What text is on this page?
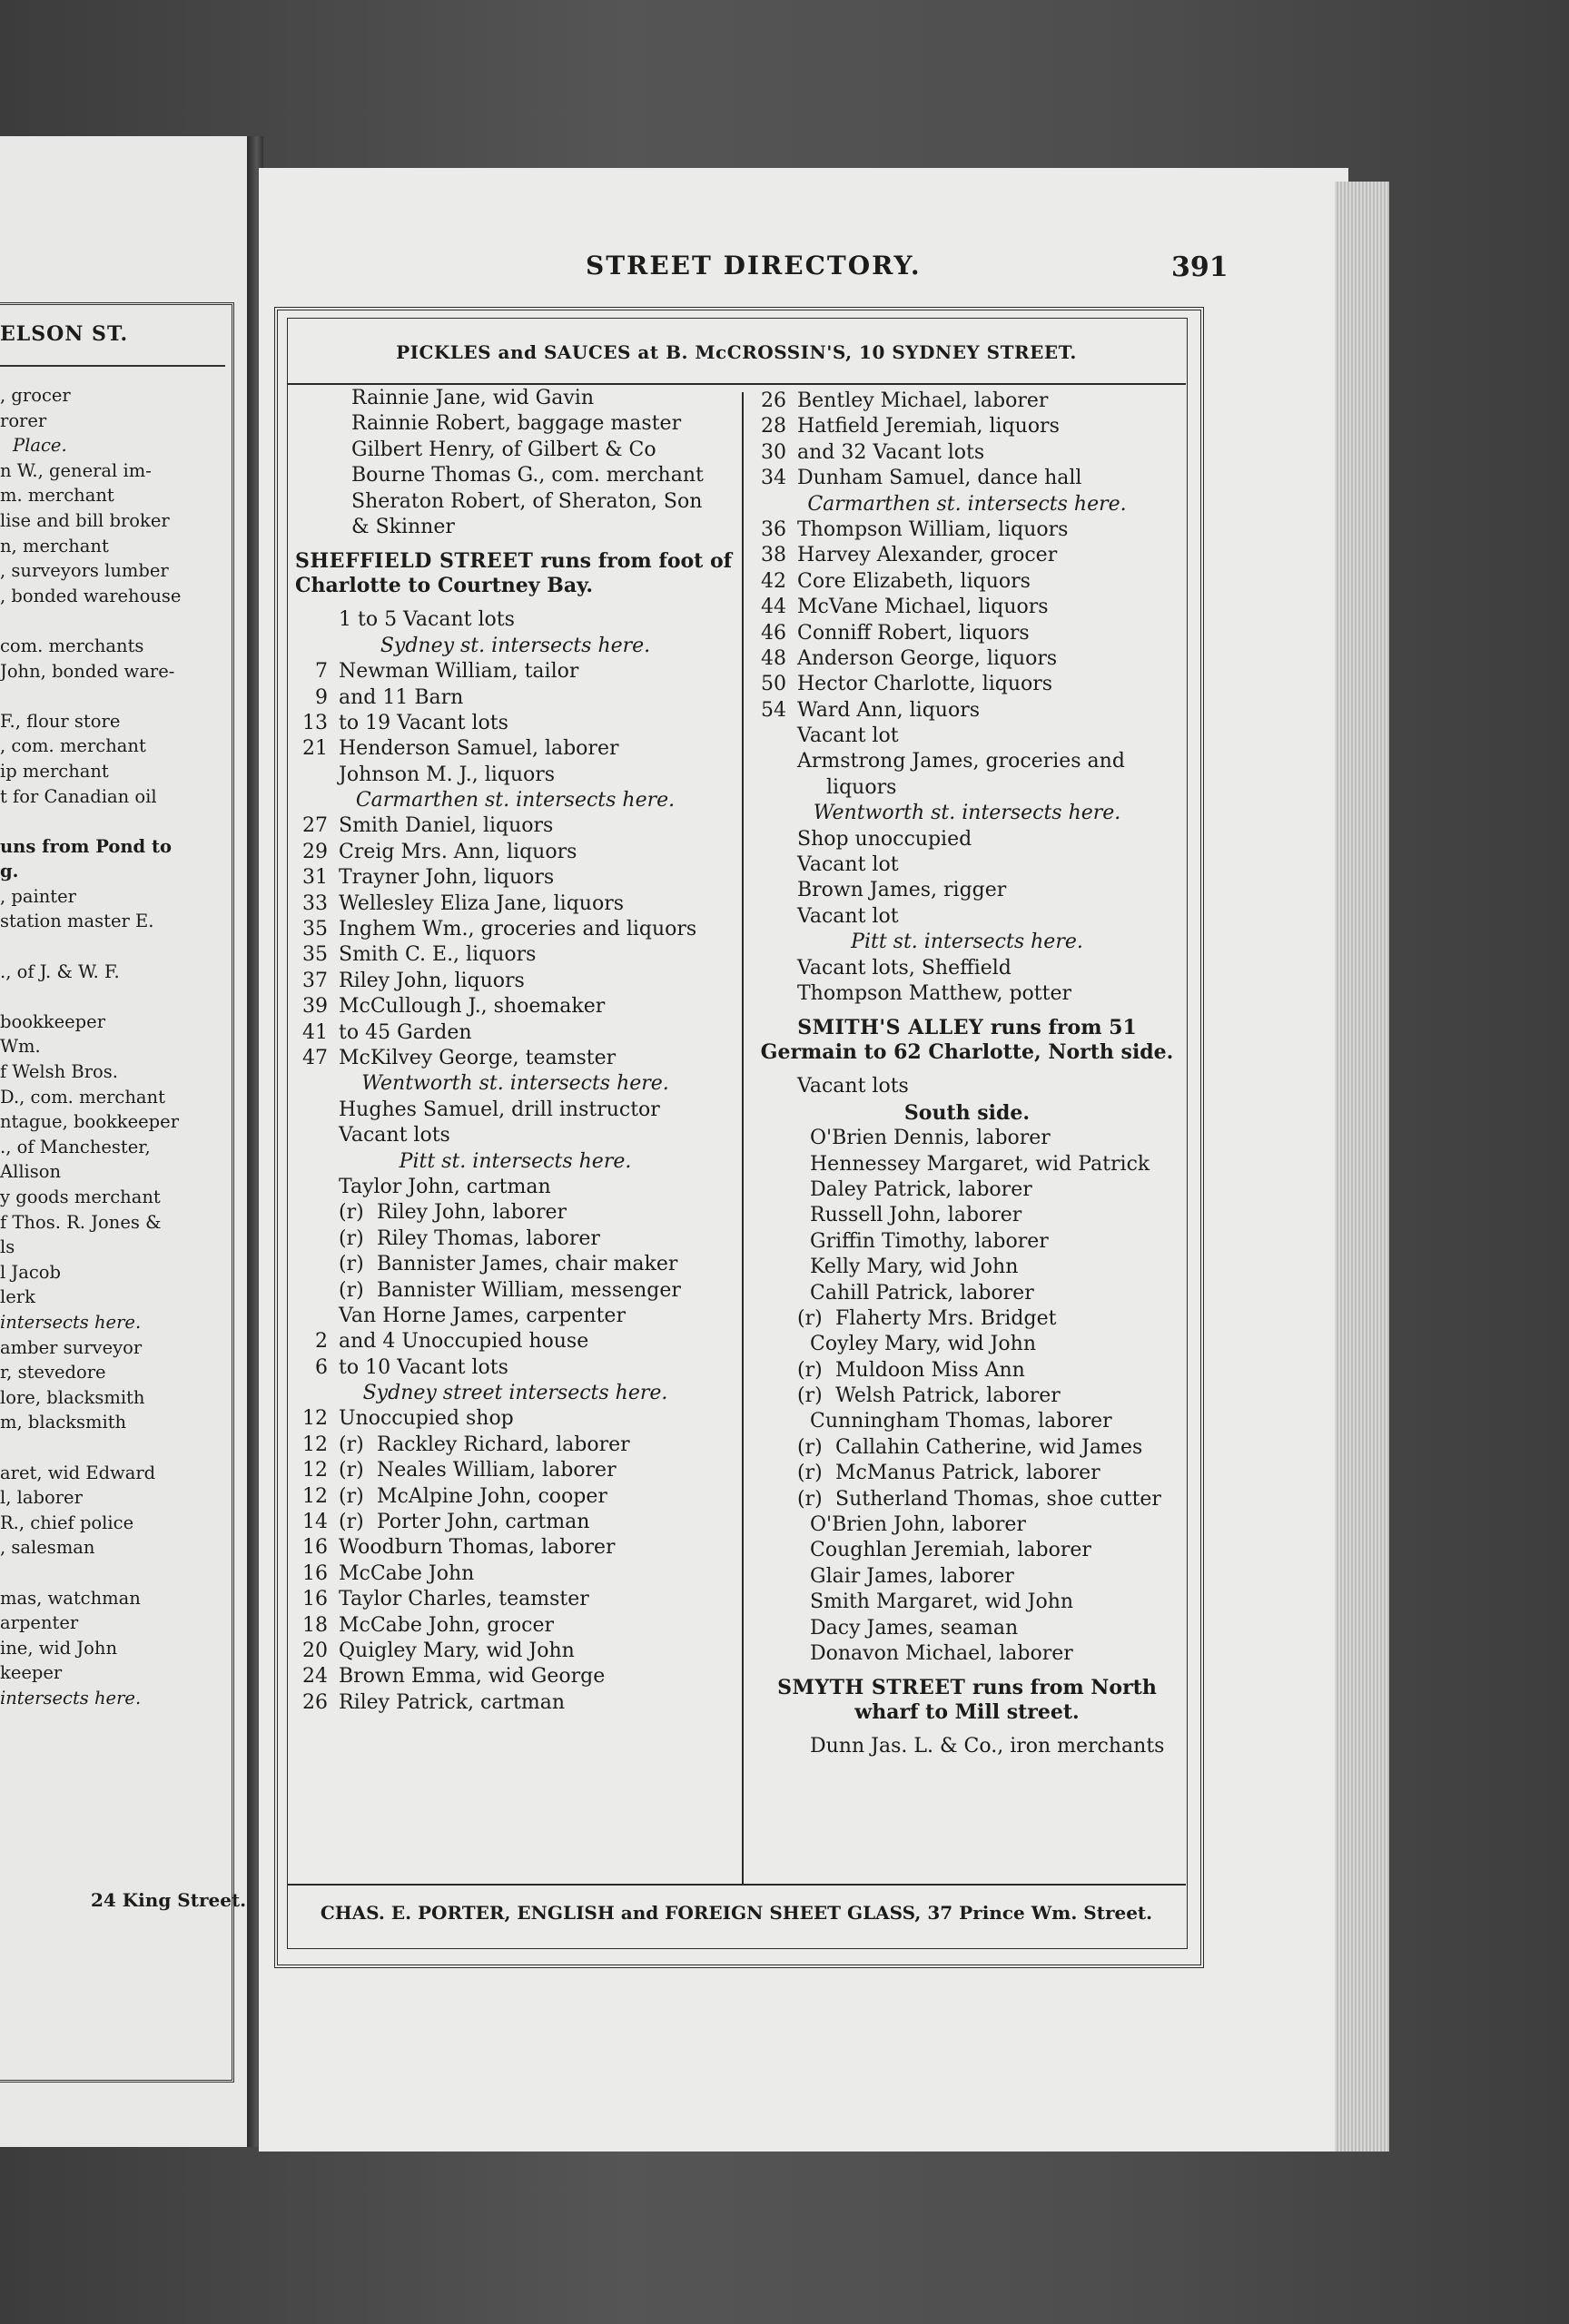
ELSON ST.
, grocer
rorer
Place.
n W., general im-
m. merchant
lise and bill broker
n, merchant
, surveyors lumber
, bonded warehouse
com. merchants
John, bonded ware-
F., flour store
, com. merchant
ip merchant
t for Canadian oil
uns from Pond to
g.
, painter
station master E.
., of J. & W. F.
bookkeeper
Wm.
f Welsh Bros.
D., com. merchant
ntague, bookkeeper
., of Manchester,
Allison
y goods merchant
f Thos. R. Jones &
ls
l Jacob
lerk
intersects here.
amber surveyor
r, stevedore
lore, blacksmith
m, blacksmith
aret, wid Edward
l, laborer
R., chief police
, salesman
mas, watchman
arpenter
ine, wid John
keeper
intersects here.
24 King Street.
STREET DIRECTORY.	391
PICKLES and SAUCES at B. McCROSSIN'S, 10 SYDNEY STREET.
Rainnie Jane, wid Gavin
Rainnie Robert, baggage master
Gilbert Henry, of Gilbert & Co
Bourne Thomas G., com. merchant
Sheraton Robert, of Sheraton, Son
& Skinner
SHEFFIELD STREET runs from foot of Charlotte to Courtney Bay.
1 to 5 Vacant lots
Sydney st. intersects here.
7 Newman William, tailor
9 and 11 Barn
13 to 19 Vacant lots
21 Henderson Samuel, laborer
Johnson M. J., liquors
Carmarthen st. intersects here.
27 Smith Daniel, liquors
29 Creig Mrs. Ann, liquors
31 Trayner John, liquors
33 Wellesley Eliza Jane, liquors
35 Inghem Wm., groceries and liquors
35 Smith C. E., liquors
37 Riley John, liquors
39 McCullough J., shoemaker
41 to 45 Garden
47 McKilvey George, teamster
Wentworth st. intersects here.
Hughes Samuel, drill instructor
Vacant lots
Pitt st. intersects here.
Taylor John, cartman
(r) Riley John, laborer
(r) Riley Thomas, laborer
(r) Bannister James, chair maker
(r) Bannister William, messenger
Van Horne James, carpenter
2 and 4 Unoccupied house
6 to 10 Vacant lots
Sydney street intersects here.
12 Unoccupied shop
12 (r) Rackley Richard, laborer
12 (r) Neales William, laborer
12 (r) McAlpine John, cooper
14 (r) Porter John, cartman
16 Woodburn Thomas, laborer
16 McCabe John
16 Taylor Charles, teamster
18 McCabe John, grocer
20 Quigley Mary, wid John
24 Brown Emma, wid George
26 Riley Patrick, cartman
26 Bentley Michael, laborer
28 Hatfield Jeremiah, liquors
30 and 32 Vacant lots
34 Dunham Samuel, dance hall
Carmarthen st. intersects here.
36 Thompson William, liquors
38 Harvey Alexander, grocer
42 Core Elizabeth, liquors
44 McVane Michael, liquors
46 Conniff Robert, liquors
48 Anderson George, liquors
50 Hector Charlotte, liquors
54 Ward Ann, liquors
Vacant lot
Armstrong James, groceries and
liquors
Wentworth st. intersects here.
Shop unoccupied
Vacant lot
Brown James, rigger
Vacant lot
Pitt st. intersects here.
Vacant lots, Sheffield
Thompson Matthew, potter
SMITH'S ALLEY runs from 51 Germain to 62 Charlotte, North side.
Vacant lots
South side.
O'Brien Dennis, laborer
Hennessey Margaret, wid Patrick
Daley Patrick, laborer
Russell John, laborer
Griffin Timothy, laborer
Kelly Mary, wid John
Cahill Patrick, laborer
(r) Flaherty Mrs. Bridget
Coyley Mary, wid John
(r) Muldoon Miss Ann
(r) Welsh Patrick, laborer
Cunningham Thomas, laborer
(r) Callahin Catherine, wid James
(r) McManus Patrick, laborer
(r) Sutherland Thomas, shoe cutter
O'Brien John, laborer
Coughlan Jeremiah, laborer
Glair James, laborer
Smith Margaret, wid John
Dacy James, seaman
Donavon Michael, laborer
SMYTH STREET runs from North wharf to Mill street.
Dunn Jas. L. & Co., iron merchants
CHAS. E. PORTER, ENGLISH and FOREIGN SHEET GLASS, 37 Prince Wm. Street.
